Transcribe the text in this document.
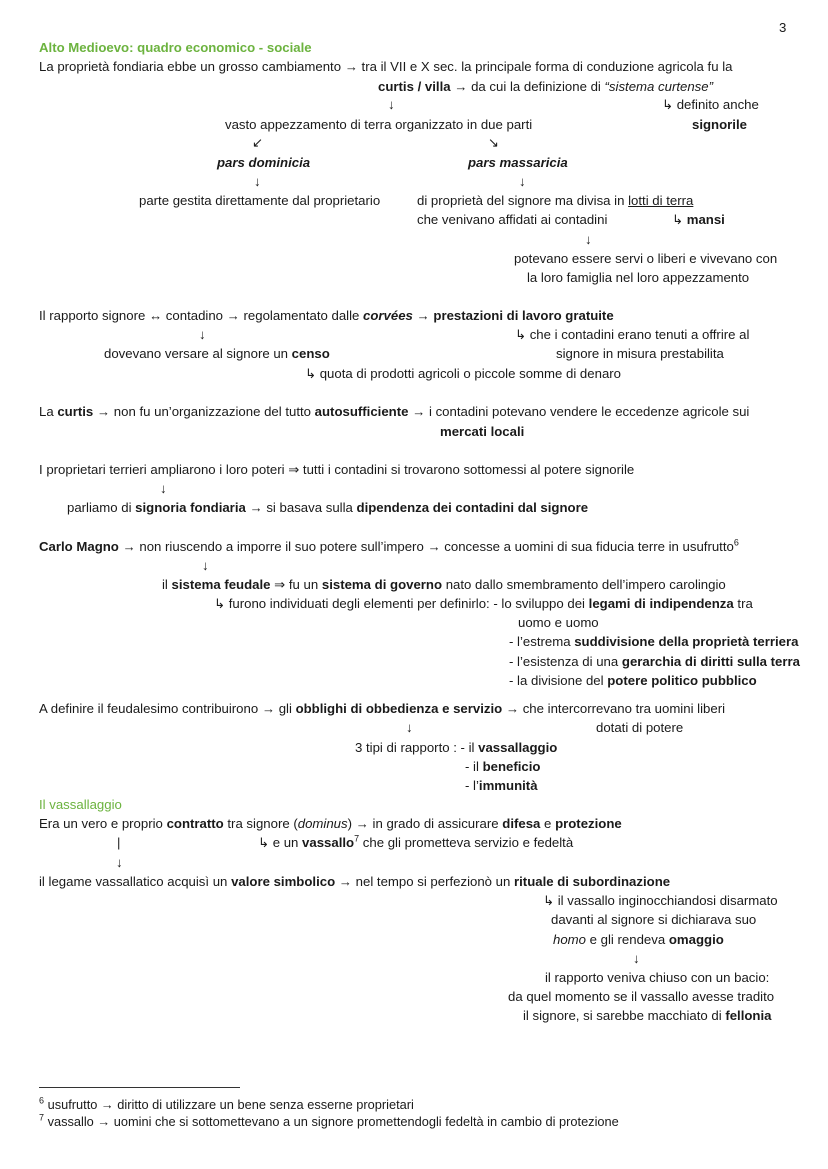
3
Alto Medioevo: quadro economico - sociale
La proprietà fondiaria ebbe un grosso cambiamento → tra il VII e X sec. la principale forma di conduzione agricola fu la
curtis / villa → da cui la definizione di “sistema curtense”
↓	↳ definito anche
vasto appezzamento di terra organizzato in due parti	signorile
↙	↘
pars dominicia	pars massaricia
↓	↓
parte gestita direttamente dal proprietario	di proprietà del signore ma divisa in lotti di terra
che venivano affidati ai contadini	↳ mansi
↓
potevano essere servi o liberi e vivevano con
la loro famiglia nel loro appezzamento
Il rapporto signore ↔ contadino → regolamentato dalle corvées → prestazioni di lavoro gratuite
↓	↳ che i contadini erano tenuti a offrire al
dovevano versare al signore un censo	signore in misura prestabilita
↳ quota di prodotti agricoli o piccole somme di denaro
La curtis → non fu un’organizzazione del tutto autosufficiente → i contadini potevano vendere le eccedenze agricole sui
mercati locali
I proprietari terrieri ampliarono i loro poteri ⇒ tutti i contadini si trovarono sottomessi al potere signorile
↓
parliamo di signoria fondiaria → si basava sulla dipendenza dei contadini dal signore
Carlo Magno → non riuscendo a imporre il suo potere sull’impero → concesse a uomini di sua fiducia terre in usufrutto$^6$
↓
il sistema feudale ⇒ fu un sistema di governo nato dallo smembramento dell’impero carolingio
↳ furono individuati degli elementi per definirlo: - lo sviluppo dei legami di indipendenza tra
uomo e uomo
- l’estrema suddivisione della proprietà terriera
- l’esistenza di una gerarchia di diritti sulla terra
- la divisione del potere politico pubblico
A definire il feudalesimo contribuirono → gli obblighi di obbedienza e servizio → che intercorrevano tra uomini liberi
↓	dotati di potere
3 tipi di rapporto : - il vassallaggio
- il beneficio
- l’immunità
Il vassallaggio
Era un vero e proprio contratto tra signore (dominus) → in grado di assicurare difesa e protezione
|	↳ e un vassallo$^7$ che gli prometteva servizio e fedeltà
↓
il legame vassallatico acquisì un valore simbolico → nel tempo si perfezionò un rituale di subordinazione
↳ il vassallo inginocchiandosi disarmato
davanti al signore si dichiarava suo
homo e gli rendeva omaggio
↓
il rapporto veniva chiuso con un bacio:
da quel momento se il vassallo avesse tradito
il signore, si sarebbe macchiato di fellonia
$^6$ usufrutto → diritto di utilizzare un bene senza esserne proprietari
$^7$ vassallo → uomini che si sottomettevano a un signore promettendogli fedeltà in cambio di protezione
